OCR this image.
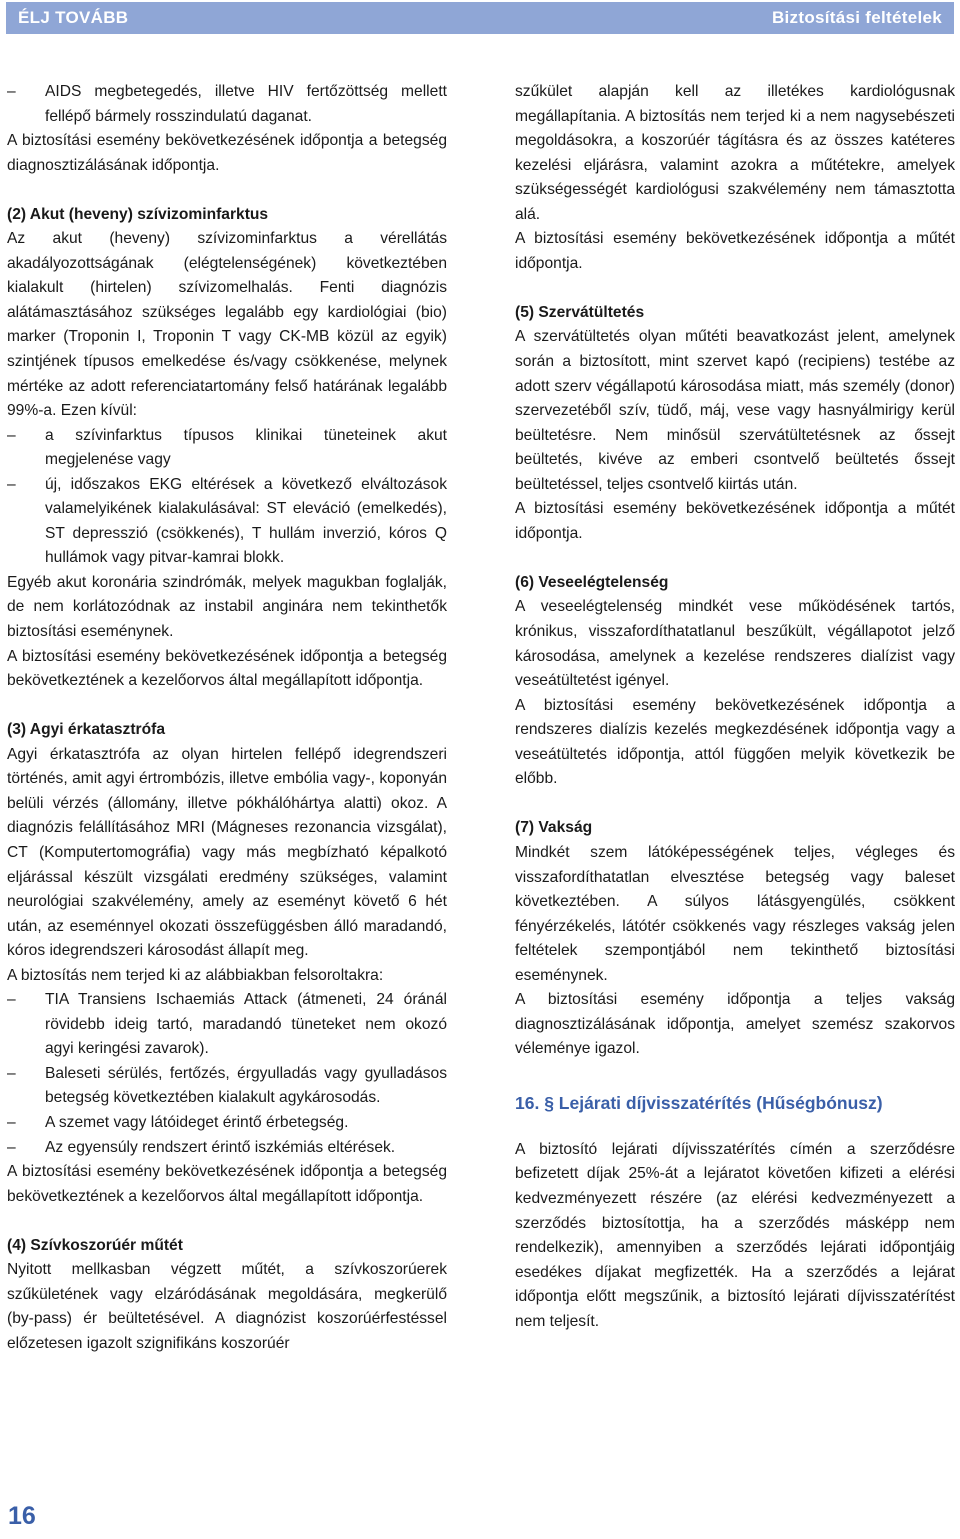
ÉLJ TOVÁBB	Biztosítási feltételek

– AIDS megbetegedés, illetve HIV fertőzöttség mellett fellépő bármely rosszindulatú daganat.

A biztosítási esemény bekövetkezésének időpontja a betegség diagnosztizálásának időpontja.

(2) Akut (heveny) szívizominfarktus

Az akut (heveny) szívizominfarktus a vérellátás akadályozottságának (elégtelenségének) következtében kialakult (hirtelen) szívizomelhalás. Fenti diagnózis alátámasztásához szükséges legalább egy kardiológiai (bio) marker (Troponin I, Troponin T vagy CK-MB közül az egyik) szintjének típusos emelkedése és/vagy csökkenése, melynek mértéke az adott referenciatartomány felső határának legalább 99%-a. Ezen kívül:

– a szívinfarktus típusos klinikai tüneteinek akut megjelenése vagy

– új, időszakos EKG eltérések a következő elváltozások valamelyikének kialakulásával: ST eleváció (emelkedés), ST depresszió (csökkenés), T hullám inverzió, kóros Q hullámok vagy pitvar-kamrai blokk.

Egyéb akut koronária szindrómák, melyek magukban foglalják, de nem korlátozódnak az instabil anginára nem tekinthetők biztosítási eseménynek.

A biztosítási esemény bekövetkezésének időpontja a betegség bekövetkeztének a kezelőorvos által megállapított időpontja.

(3) Agyi érkatasztrófa

Agyi érkatasztrófa az olyan hirtelen fellépő idegrendszeri történés, amit agyi értrombózis, illetve embólia vagy-, koponyán belüli vérzés (állomány, illetve pókhálóhártya alatti) okoz. A diagnózis felállításához MRI (Mágneses rezonancia vizsgálat), CT (Komputertomográfia) vagy más megbízható képalkotó eljárással készült vizsgálati eredmény szükséges, valamint neurológiai szakvélemény, amely az eseményt követő 6 hét után, az eseménnyel okozati összefüggésben álló maradandó, kóros idegrendszeri károsodást állapít meg.

A biztosítás nem terjed ki az alábbiakban felsoroltakra:

– TIA Transiens Ischaemiás Attack (átmeneti, 24 óránál rövidebb ideig tartó, maradandó tüneteket nem okozó agyi keringési zavarok).

– Baleseti sérülés, fertőzés, érgyulladás vagy gyulladásos betegség következtében kialakult agykárosodás.

– A szemet vagy látóideget érintő érbetegség.

– Az egyensúly rendszert érintő iszkémiás eltérések.

A biztosítási esemény bekövetkezésének időpontja a betegség bekövetkeztének a kezelőorvos által megállapított időpontja.

(4) Szívkoszorúér műtét

Nyitott mellkasban végzett műtét, a szívkoszorúerek szűkületének vagy elzáródásának megoldására, megkerülő (by-pass) ér beültetésével. A diagnózist koszorúérfestéssel előzetesen igazolt szignifikáns koszorúér

szűkület alapján kell az illetékes kardiológusnak megállapítania. A biztosítás nem terjed ki a nem nagysebészeti megoldásokra, a koszorúér tágításra és az összes katéteres kezelési eljárásra, valamint azokra a műtétekre, amelyek szükségességét kardiológusi szakvélemény nem támasztotta alá.

A biztosítási esemény bekövetkezésének időpontja a műtét időpontja.

(5) Szervátültetés

A szervátültetés olyan műtéti beavatkozást jelent, amelynek során a biztosított, mint szervet kapó (recipiens) testébe az adott szerv végállapotú károsodása miatt, más személy (donor) szervezetéből szív, tüdő, máj, vese vagy hasnyálmirigy kerül beültetésre. Nem minősül szervátültetésnek az őssejt beültetés, kivéve az emberi csontvelő beültetés őssejt beültetéssel, teljes csontvelő kiirtás után.

A biztosítási esemény bekövetkezésének időpontja a műtét időpontja.

(6) Veseelégtelenség

A veseelégtelenség mindkét vese működésének tartós, krónikus, visszafordíthatatlanul beszűkült, végállapotot jelző károsodása, amelynek a kezelése rendszeres dialízist vagy veseátültetést igényel.

A biztosítási esemény bekövetkezésének időpontja a rendszeres dialízis kezelés megkezdésének időpontja vagy a veseátültetés időpontja, attól függően melyik következik be előbb.

(7) Vakság

Mindkét szem látóképességének teljes, végleges és visszafordíthatatlan elvesztése betegség vagy baleset következtében. A súlyos látásgyengülés, csökkent fényérzékelés, látótér csökkenés vagy részleges vakság jelen feltételek szempontjából nem tekinthető biztosítási eseménynek.

A biztosítási esemény időpontja a teljes vakság diagnosztizálásának időpontja, amelyet szemész szakorvos véleménye igazol.

16. § Lejárati díjvisszatérítés (Hűségbónusz)

A biztosító lejárati díjvisszatérítés címén a szerződésre befizetett díjak 25%-át a lejáratot követően kifizeti a elérési kedvezményezett részére (az elérési kedvezményezett a szerződés biztosítottja, ha a szerződés másképp nem rendelkezik), amennyiben a szerződés lejárati időpontjáig esedékes díjakat megfizették. Ha a szerződés a lejárat időpontja előtt megszűnik, a biztosító lejárati díjvisszatérítést nem teljesít.

16
